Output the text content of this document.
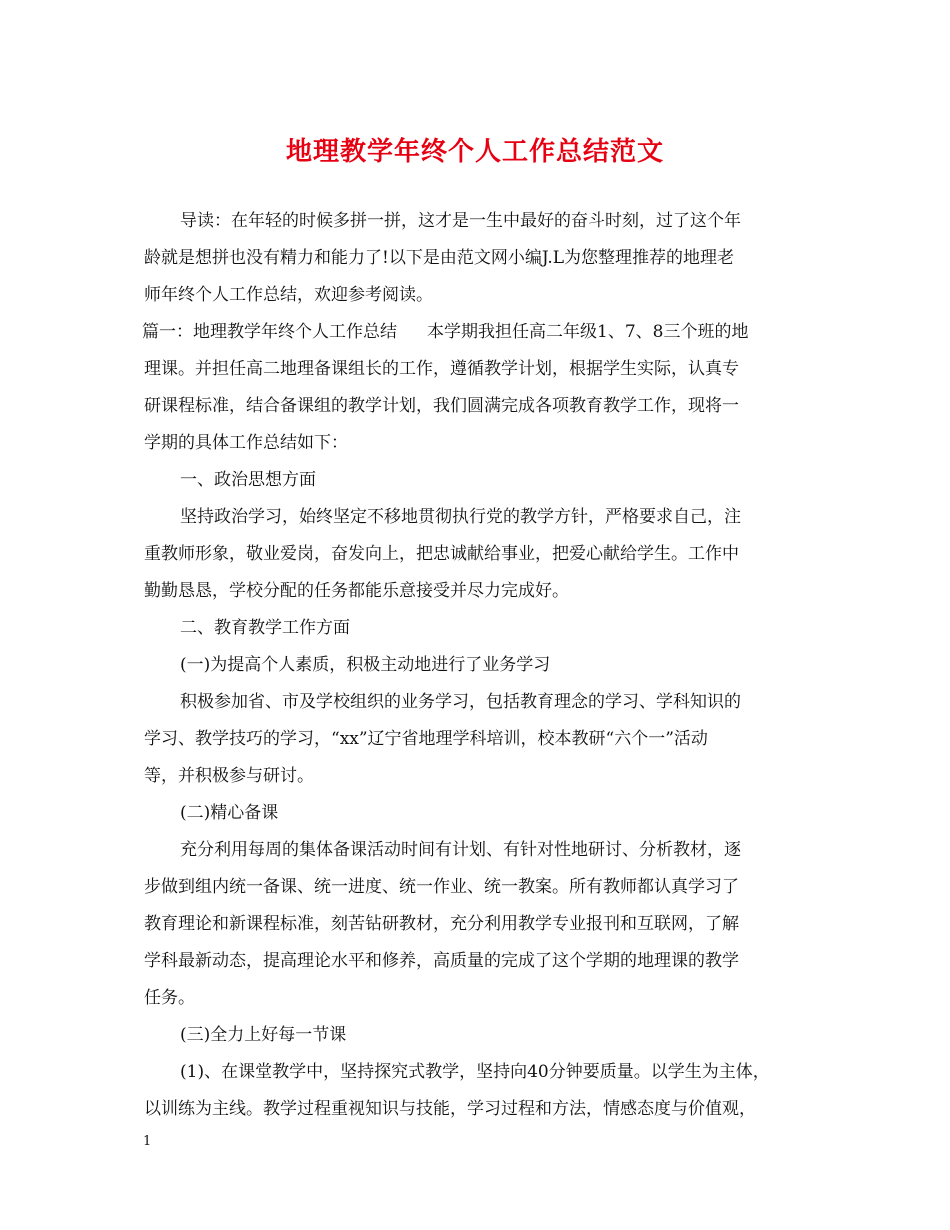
地理教学年终个人工作总结范文
导读：在年轻的时候多拼一拼，这才是一生中最好的奋斗时刻，过了这个年
龄就是想拼也没有精力和能力了!以下是由范文网小编J.L为您整理推荐的地理老
师年终个人工作总结，欢迎参考阅读。
篇一：地理教学年终个人工作总结 本学期我担任高二年级1、7、8三个班的地
理课。并担任高二地理备课组长的工作，遵循教学计划，根据学生实际，认真专
研课程标准，结合备课组的教学计划，我们圆满完成各项教育教学工作，现将一
学期的具体工作总结如下：
一、政治思想方面
坚持政治学习，始终坚定不移地贯彻执行党的教学方针，严格要求自己，注
重教师形象，敬业爱岗，奋发向上，把忠诚献给事业，把爱心献给学生。工作中
勤勤恳恳，学校分配的任务都能乐意接受并尽力完成好。
二、教育教学工作方面
(一)为提高个人素质，积极主动地进行了业务学习
积极参加省、市及学校组织的业务学习，包括教育理念的学习、学科知识的
学习、教学技巧的学习，“xx”辽宁省地理学科培训，校本教研“六个一”活动
等，并积极参与研讨。
(二)精心备课
充分利用每周的集体备课活动时间有计划、有针对性地研讨、分析教材，逐
步做到组内统一备课、统一进度、统一作业、统一教案。所有教师都认真学习了
教育理论和新课程标准，刻苦钻研教材，充分利用教学专业报刊和互联网，了解
学科最新动态，提高理论水平和修养，高质量的完成了这个学期的地理课的教学
任务。
(三)全力上好每一节课
(1)、在课堂教学中，坚持探究式教学，坚持向40分钟要质量。以学生为主体，
以训练为主线。教学过程重视知识与技能，学习过程和方法，情感态度与价值观，
1
